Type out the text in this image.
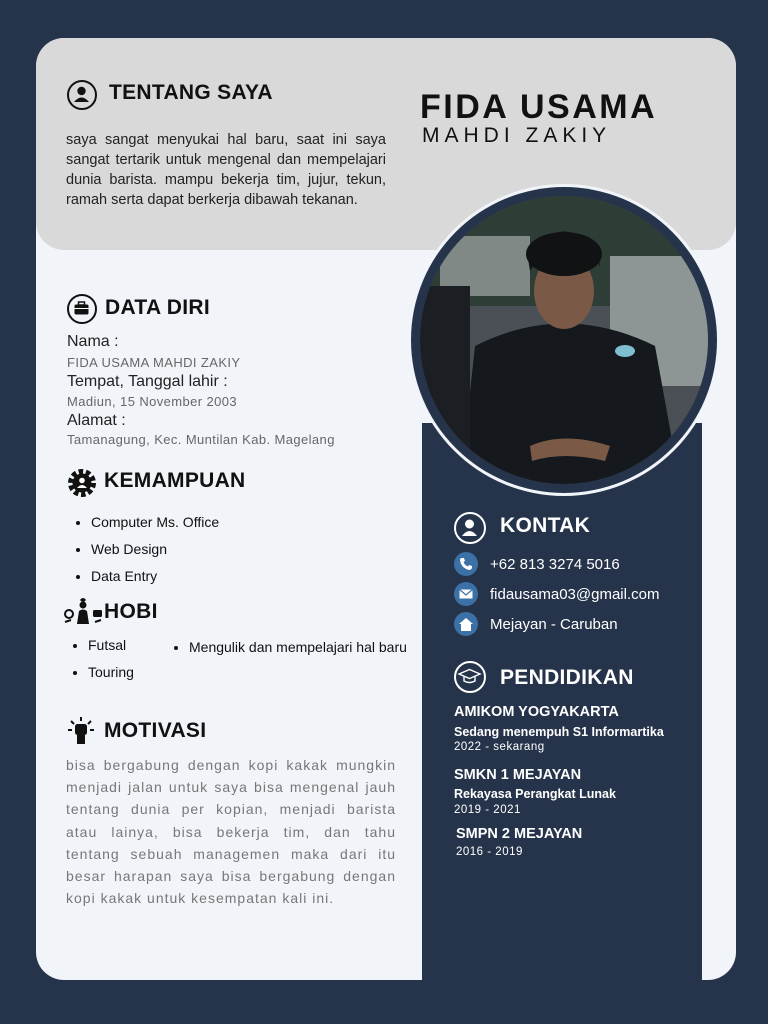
TENTANG SAYA
saya sangat menyukai hal baru, saat ini saya sangat tertarik untuk mengenal dan mempelajari dunia barista. mampu bekerja tim, jujur, tekun, ramah serta dapat berkerja dibawah tekanan.
FIDA USAMA
MAHDI ZAKIY
DATA DIRI
Nama :
FIDA USAMA MAHDI ZAKIY
Tempat, Tanggal lahir :
Madiun, 15 November 2003
Alamat :
Tamanagung, Kec. Muntilan Kab. Magelang
KEMAMPUAN
• Computer Ms. Office
• Web Design
• Data Entry
HOBI
• Futsal
• Touring
• Mengulik dan mempelajari hal baru
MOTIVASI
bisa bergabung dengan kopi kakak mungkin menjadi jalan untuk saya bisa mengenal jauh tentang dunia per kopian, menjadi barista atau lainya, bisa bekerja tim, dan tahu tentang sebuah managemen maka dari itu besar harapan saya bisa bergabung dengan kopi kakak untuk kesempatan kali ini.
KONTAK
+62 813 3274 5016
fidausama03@gmail.com
Mejayan - Caruban
PENDIDIKAN
AMIKOM YOGYAKARTA
Sedang menempuh S1 Informartika
2022 - sekarang
SMKN 1 MEJAYAN
Rekayasa Perangkat Lunak
2019 - 2021
SMPN 2 MEJAYAN
2016 - 2019
